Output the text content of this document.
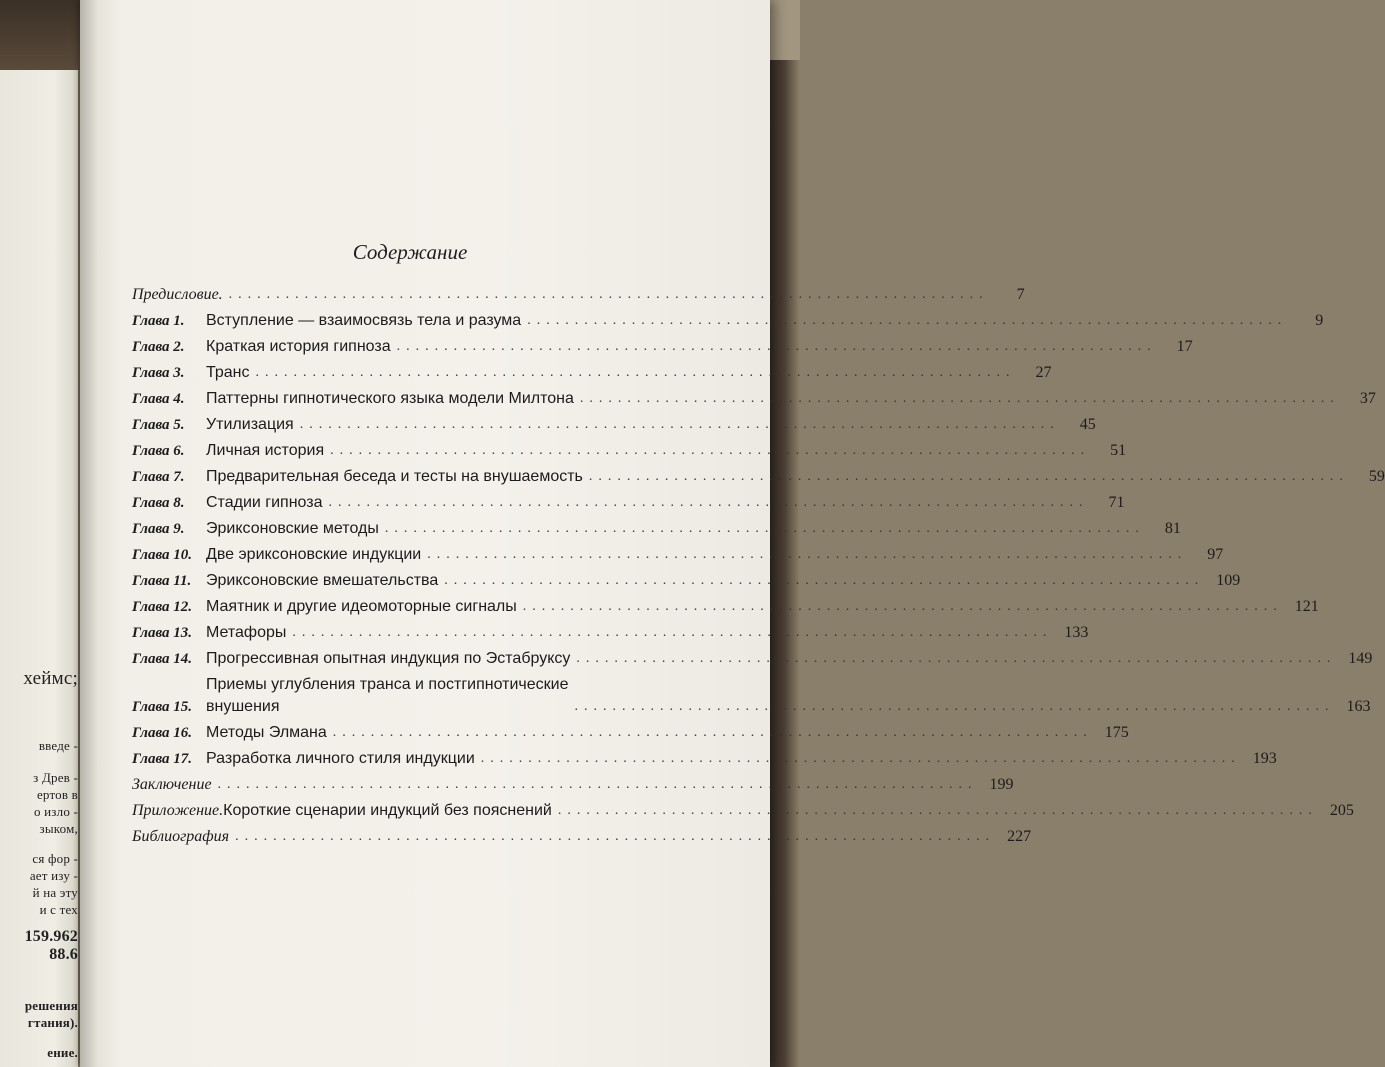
хеймс;
введе -
з Древ -
ертов в
о изло -
зыком,
ся фор -
ает изу -
й на эту
и с тех
159.962
88.6
решения
гтания).
ение.
Содержание
Предисловие. ................................................................................	7
Глава 1.	Вступление — взаимосвязь тела и разума ................................................................................	9
Глава 2.	Краткая история гипноза ................................................................................	17
Глава 3.	Транс ................................................................................	27
Глава 4.	Паттерны гипнотического языка модели Милтона ................................................................................	37
Глава 5.	Утилизация ................................................................................	45
Глава 6.	Личная история ................................................................................	51
Глава 7.	Предварительная беседа и тесты на внушаемость ................................................................................	59
Глава 8.	Стадии гипноза ................................................................................	71
Глава 9.	Эриксоновские методы ................................................................................	81
Глава 10. Две эриксоновские индукции ................................................................................	97
Глава 11. Эриксоновские вмешательства ................................................................................ 109
Глава 12. Маятник и другие идеомоторные сигналы ................................................................................ 121
Глава 13. Метафоры ................................................................................ 133
Глава 14. Прогрессивная опытная индукция по Эстабруксу ................................................................................ 149
Глава 15.
Приемы углубления транса и постгипнотические
внушения	................................................................................ 163
Глава 16. Методы Элмана ................................................................................ 175
Глава 17. Разработка личного стиля индукции ................................................................................ 193
Заключение ................................................................................ 199
Приложение. Короткие сценарии индукций без пояснений ................................................................................ 205
Библиография ................................................................................ 227
